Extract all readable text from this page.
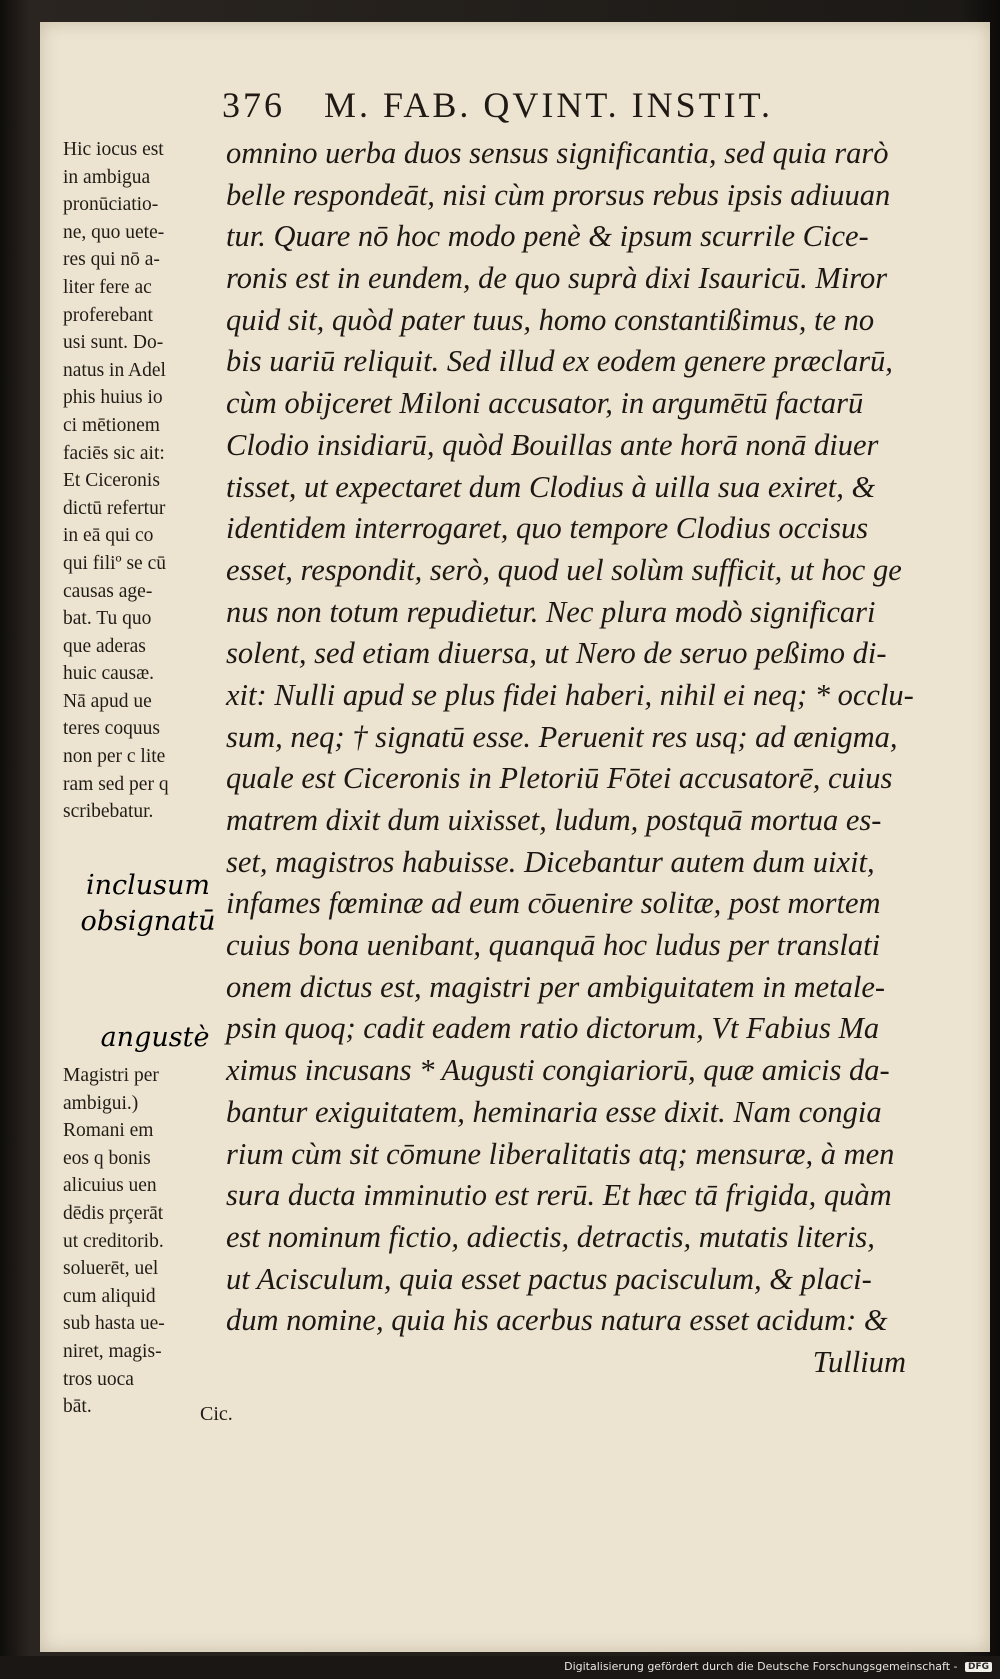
376 M. FAB. QVINT. INSTIT.
Hic iocus est
in ambigua
pronūciatio-
ne, quo uete-
res qui nō a-
liter fere ac
proferebant
usi sunt. Do-
natus in Adel
phis huius io
ci mētionem
faciēs sic ait:
Et Ciceronis
dictū refertur
in eā qui co
qui filiº se cū
causas age-
bat. Tu quo
que aderas
huic causæ.
Nā apud ue
teres coquus
non per c lite
ram sed per q
scribebatur.
inclusum
obsignatū
angustè
Magistri per
ambigui.)
Romani em
eos q bonis
alicuius uen
dēdis prçerāt
ut creditorib.
soluerēt, uel
cum aliquid
sub hasta ue-
niret, magis-
tros uoca
bāt.	Cic.
omnino uerba duos sensus significantia, sed quia rarò
belle respondeāt, nisi cùm prorsus rebus ipsis adiuuan
tur. Quare nō hoc modo penè & ipsum scurrile Cice-
ronis est in eundem, de quo suprà dixi Isauricū. Miror
quid sit, quòd pater tuus, homo constantißimus, te no
bis uariū reliquit. Sed illud ex eodem genere præclarū,
cùm obijceret Miloni accusator, in argumētū factarū
Clodio insidiarū, quòd Bouillas ante horā nonā diuer
tisset, ut expectaret dum Clodius à uilla sua exiret, &
identidem interrogaret, quo tempore Clodius occisus
esset, respondit, serò, quod uel solùm sufficit, ut hoc ge
nus non totum repudietur. Nec plura modò significari
solent, sed etiam diuersa, ut Nero de seruo peßimo di-
xit: Nulli apud se plus fidei haberi, nihil ei neq; * occlu-
sum, neq; † signatū esse. Peruenit res usq; ad ænigma,
quale est Ciceronis in Pletoriū Fōtei accusatorē, cuius
matrem dixit dum uixisset, ludum, postquā mortua es-
set, magistros habuisse. Dicebantur autem dum uixit,
infames fœminæ ad eum cōuenire solitæ, post mortem
cuius bona uenibant, quanquā hoc ludus per translati
onem dictus est, magistri per ambiguitatem in metale-
psin quoq; cadit eadem ratio dictorum, Vt Fabius Ma
ximus incusans * Augusti congiariorū, quæ amicis da-
bantur exiguitatem, heminaria esse dixit. Nam congia
rium cùm sit cōmune liberalitatis atq; mensuræ, à men
sura ducta imminutio est rerū. Et hæc tā frigida, quàm
est nominum fictio, adiectis, detractis, mutatis literis,
ut Acisculum, quia esset pactus pacisculum, & placi-
dum nomine, quia his acerbus natura esset acidum: &
Tullium
Digitalisierung gefördert durch die Deutsche Forschungsgemeinschaft - DFG
